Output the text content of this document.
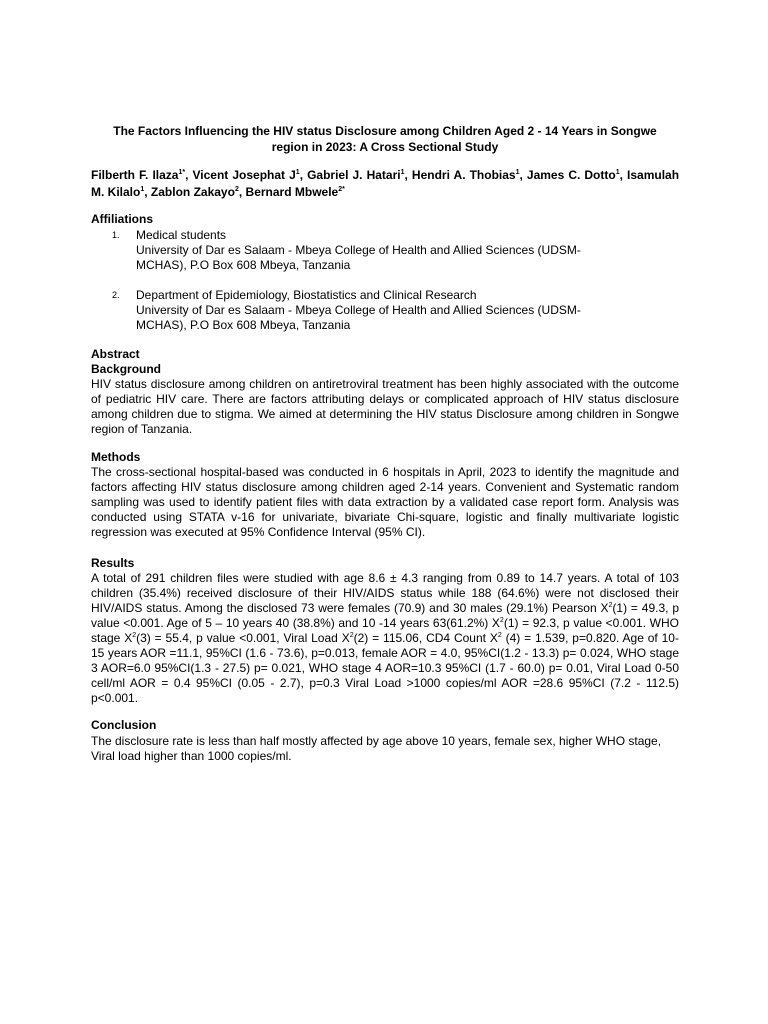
The Factors Influencing the HIV status Disclosure among Children Aged 2 - 14 Years in Songwe
region in 2023: A Cross Sectional Study
Filberth F. Ilaza$^{1*}$, Vicent Josephat $J^1$, Gabriel J. Hatari$^1$, Hendri A. Thobias$^1$, James C. Dotto$^1$, Isamulah M. Kilalo$^1$, Zablon Zakayo$^2$, Bernard Mbwele$^{2*}$
Affiliations
1. Medical students
University of Dar es Salaam - Mbeya College of Health and Allied Sciences (UDSM-
MCHAS), P.O Box 608 Mbeya, Tanzania
2. Department of Epidemiology, Biostatistics and Clinical Research
University of Dar es Salaam - Mbeya College of Health and Allied Sciences (UDSM-
MCHAS), P.O Box 608 Mbeya, Tanzania
Abstract
Background

HIV status disclosure among children on antiretroviral treatment has been highly associated with the outcome of pediatric HIV care. There are factors attributing delays or complicated approach of HIV status disclosure among children due to stigma. We aimed at determining the HIV status Disclosure among children in Songwe region of Tanzania.

Methods

The cross-sectional hospital-based was conducted in 6 hospitals in April, 2023 to identify the magnitude and factors affecting HIV status disclosure among children aged 2-14 years. Convenient and Systematic random sampling was used to identify patient files with data extraction by a validated case report form. Analysis was conducted using STATA v-16 for univariate, bivariate Chi-square, logistic and finally multivariate logistic regression was executed at 95% Confidence Interval (95% CI).

Results

A total of 291 children files were studied with age 8.6 ± 4.3 ranging from 0.89 to 14.7 years. A total of 103 children (35.4%) received disclosure of their HIV/AIDS status while 188 (64.6%) were not disclosed their HIV/AIDS status. Among the disclosed 73 were females (70.9) and 30 males (29.1%) Pearson $X^2(1) = 49.3$, p value <0.001. Age of 5 – 10 years 40 (38.8%) and 10 -14 years 63(61.2%) $X^2(1) = 92.3$, p value <0.001. WHO stage $X^2(3) = 55.4$, p value <0.001, Viral Load $X^2(2) = 115.06$, CD4 Count $X^2$ (4) = 1.539, p=0.820. Age of 10-15 years AOR =11.1, 95%CI (1.6 - 73.6), p=0.013, female AOR = 4.0, 95%CI(1.2 - 13.3) p= 0.024, WHO stage 3 AOR=6.0 95%CI(1.3 - 27.5) p= 0.021, WHO stage 4 AOR=10.3 95%CI (1.7 - 60.0) p= 0.01, Viral Load 0-50 cell/ml AOR = 0.4 95%CI (0.05 - 2.7), p=0.3 Viral Load >1000 copies/ml AOR =28.6 95%CI (7.2 - 112.5) p<0.001.

Conclusion

The disclosure rate is less than half mostly affected by age above 10 years, female sex, higher WHO stage, Viral load higher than 1000 copies/ml.
